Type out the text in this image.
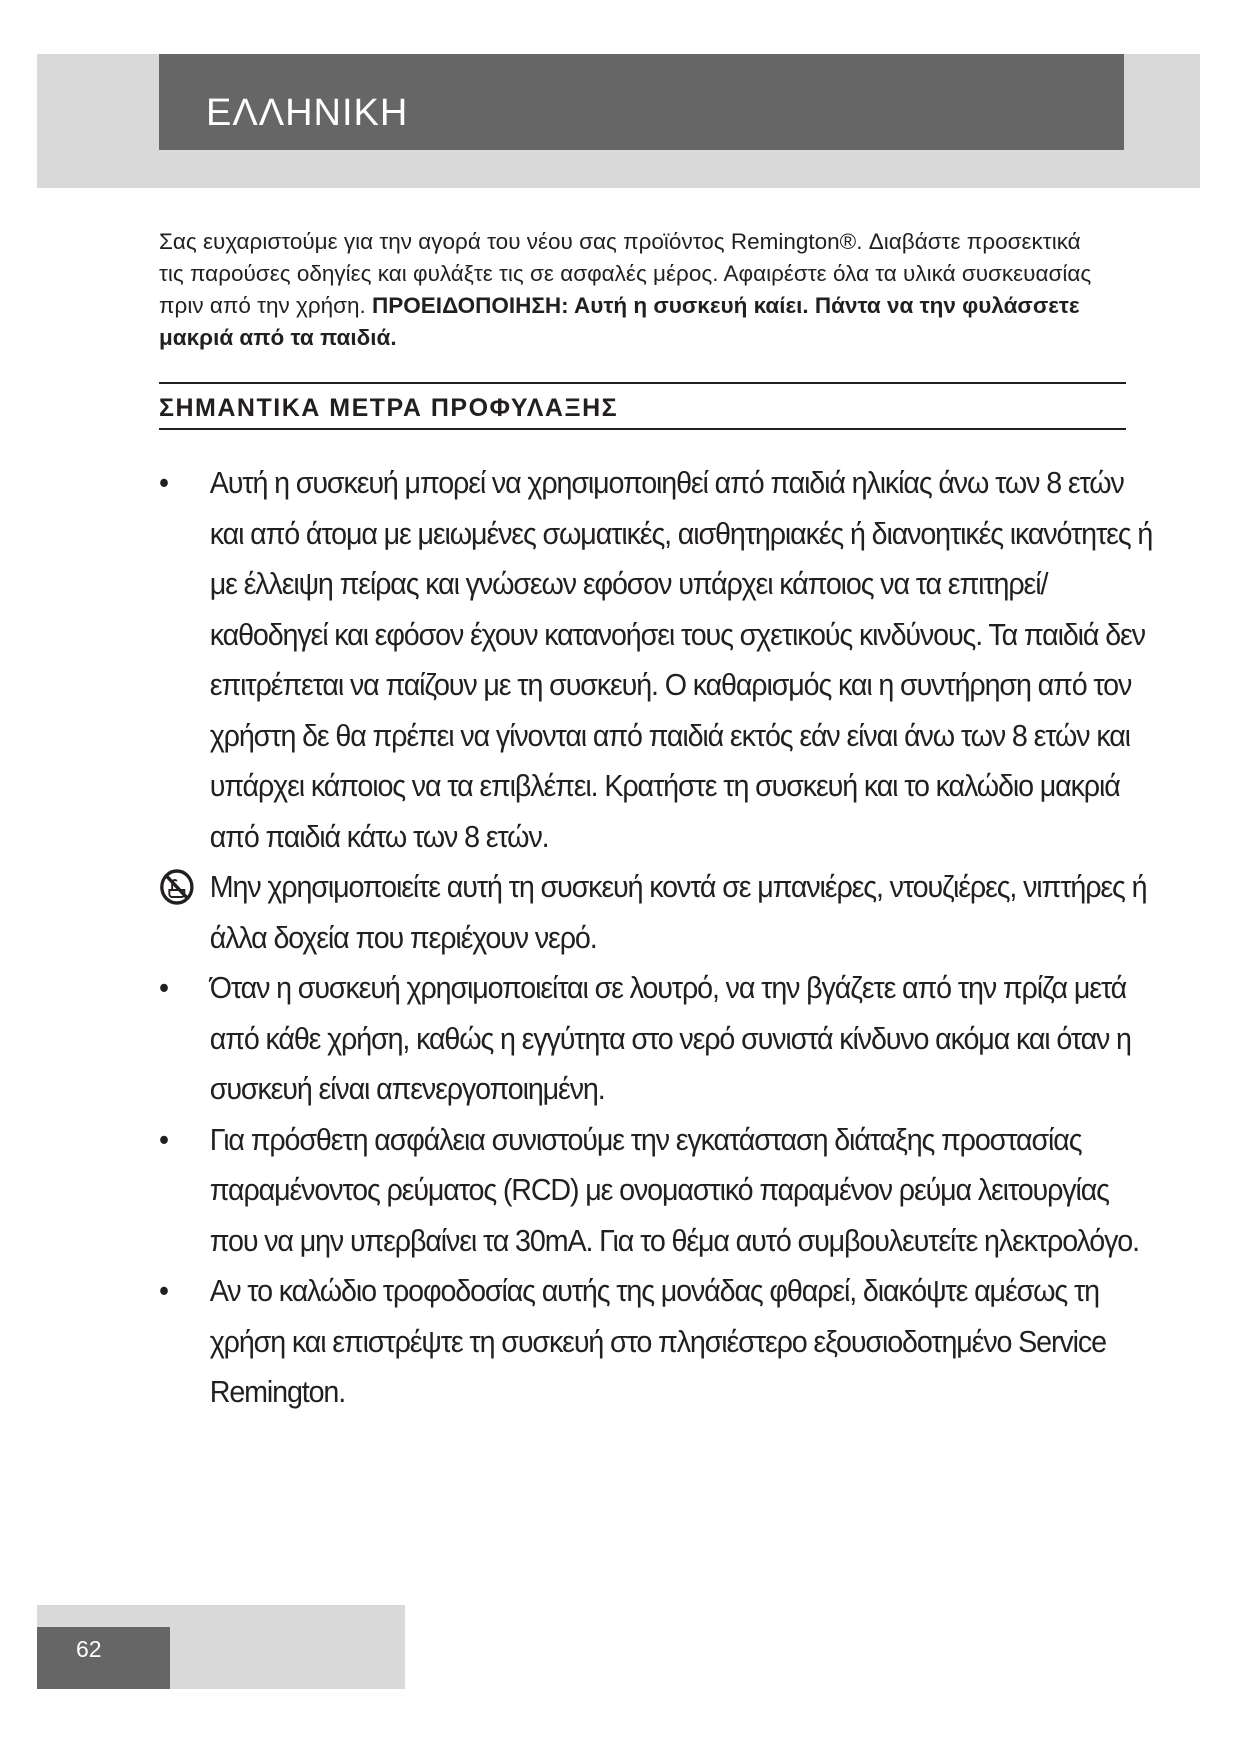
ΕΛΛΗΝΙΚΗ
Σας ευχαριστούμε για την αγορά του νέου σας προϊόντος Remington®. Διαβάστε προσεκτικά τις παρούσες οδηγίες και φυλάξτε τις σε ασφαλές μέρος. Αφαιρέστε όλα τα υλικά συσκευασίας πριν από την χρήση. ΠΡΟΕΙΔΟΠΟΙΗΣΗ: Αυτή η συσκευή καίει. Πάντα να την φυλάσσετε μακριά από τα παιδιά.
ΣΗΜΑΝΤΙΚΑ ΜΕΤΡΑ ΠΡΟΦΥΛΑΞΗΣ
•	Αυτή η συσκευή μπορεί να χρησιμοποιηθεί από παιδιά ηλικίας άνω των 8 ετών και από άτομα με μειωμένες σωματικές, αισθητηριακές ή διανοητικές ικανότητες ή με έλλειψη πείρας και γνώσεων εφόσον υπάρχει κάποιος να τα επιτηρεί/καθοδηγεί και εφόσον έχουν κατανοήσει τους σχετικούς κινδύνους. Τα παιδιά δεν επιτρέπεται να παίζουν με τη συσκευή. Ο καθαρισμός και η συντήρηση από τον χρήστη δε θα πρέπει να γίνονται από παιδιά εκτός εάν είναι άνω των 8 ετών και υπάρχει κάποιος να τα επιβλέπει. Κρατήστε τη συσκευή και το καλώδιο μακριά από παιδιά κάτω των 8 ετών.
Μην χρησιμοποιείτε αυτή τη συσκευή κοντά σε μπανιέρες, ντουζιέρες, νιπτήρες ή άλλα δοχεία που περιέχουν νερό.
•	Όταν η συσκευή χρησιμοποιείται σε λουτρό, να την βγάζετε από την πρίζα μετά από κάθε χρήση, καθώς η εγγύτητα στο νερό συνιστά κίνδυνο ακόμα και όταν η συσκευή είναι απενεργοποιημένη.
•	Για πρόσθετη ασφάλεια συνιστούμε την εγκατάσταση διάταξης προστασίας παραμένοντος ρεύματος (RCD) με ονομαστικό παραμένον ρεύμα λειτουργίας που να μην υπερβαίνει τα 30mA. Για το θέμα αυτό συμβουλευτείτε ηλεκτρολόγο.
•	Αν το καλώδιο τροφοδοσίας αυτής της μονάδας φθαρεί, διακόψτε αμέσως τη χρήση και επιστρέψτε τη συσκευή στο πλησιέστερο εξουσιοδοτημένο Service Remington.
62
